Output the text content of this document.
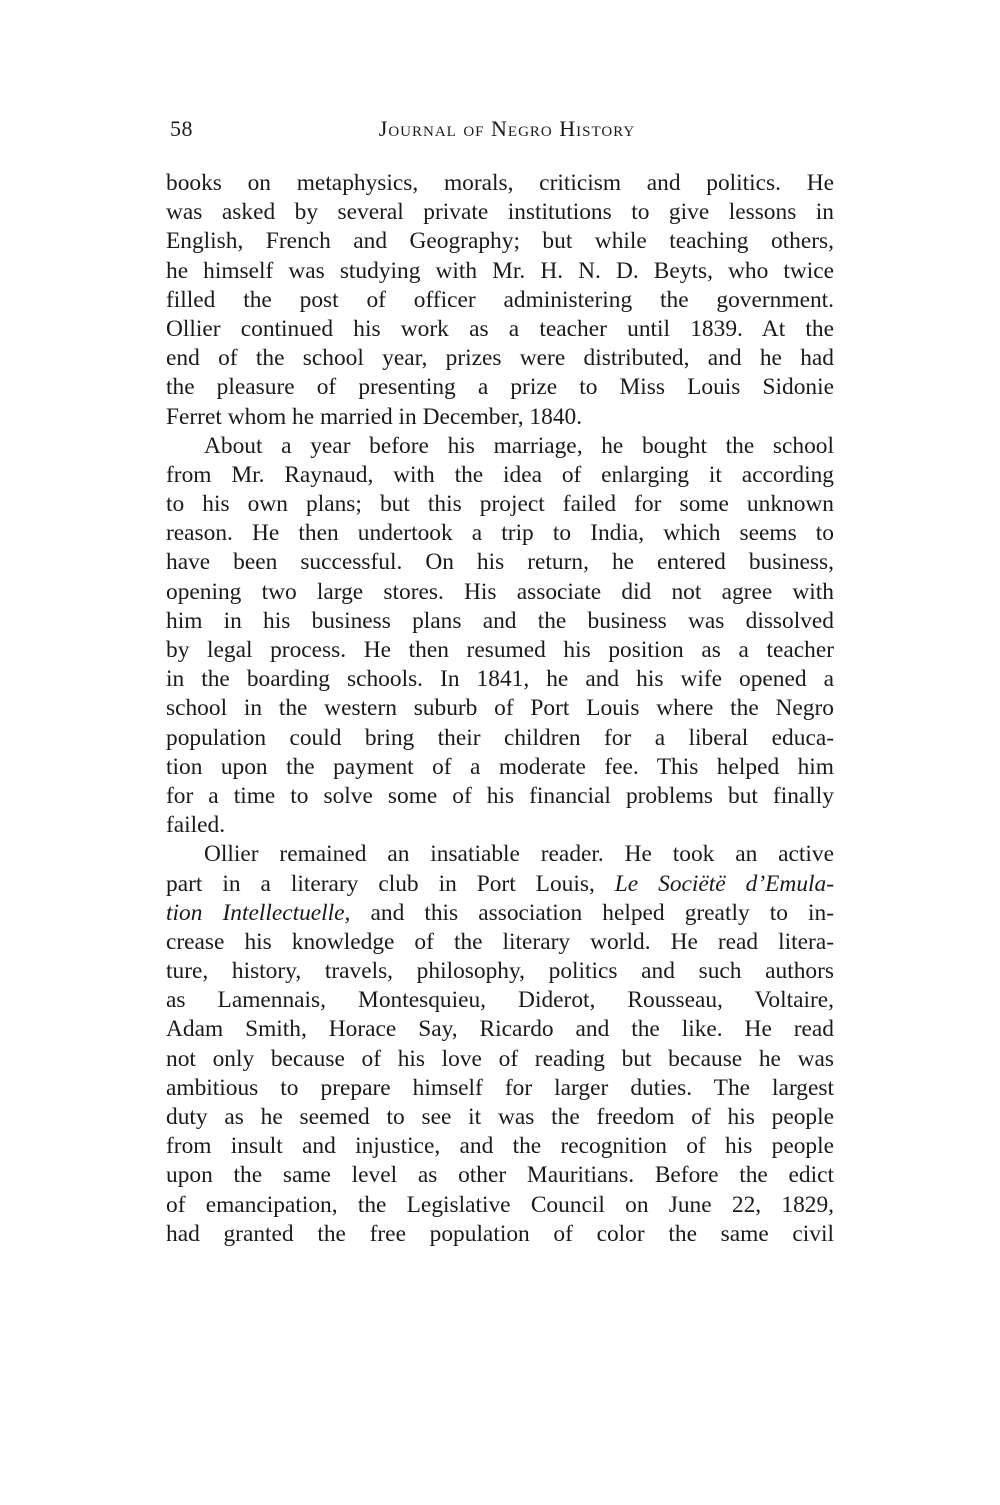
58	Journal of Negro History
books on metaphysics, morals, criticism and politics. He
was asked by several private institutions to give lessons in
English, French and Geography; but while teaching others,
he himself was studying with Mr. H. N. D. Beyts, who twice
filled the post of officer administering the government.
Ollier continued his work as a teacher until 1839. At the
end of the school year, prizes were distributed, and he had
the pleasure of presenting a prize to Miss Louis Sidonie
Ferret whom he married in December, 1840.
About a year before his marriage, he bought the school
from Mr. Raynaud, with the idea of enlarging it according
to his own plans; but this project failed for some unknown
reason. He then undertook a trip to India, which seems to
have been successful. On his return, he entered business,
opening two large stores. His associate did not agree with
him in his business plans and the business was dissolved
by legal process. He then resumed his position as a teacher
in the boarding schools. In 1841, he and his wife opened a
school in the western suburb of Port Louis where the Negro
population could bring their children for a liberal educa-
tion upon the payment of a moderate fee. This helped him
for a time to solve some of his financial problems but finally
failed.
Ollier remained an insatiable reader. He took an active
part in a literary club in Port Louis, Le Sociëtë d’Emula-
tion Intellectuelle, and this association helped greatly to in-
crease his knowledge of the literary world. He read litera-
ture, history, travels, philosophy, politics and such authors
as Lamennais, Montesquieu, Diderot, Rousseau, Voltaire,
Adam Smith, Horace Say, Ricardo and the like. He read
not only because of his love of reading but because he was
ambitious to prepare himself for larger duties. The largest
duty as he seemed to see it was the freedom of his people
from insult and injustice, and the recognition of his people
upon the same level as other Mauritians. Before the edict
of emancipation, the Legislative Council on June 22, 1829,
had granted the free population of color the same civil
